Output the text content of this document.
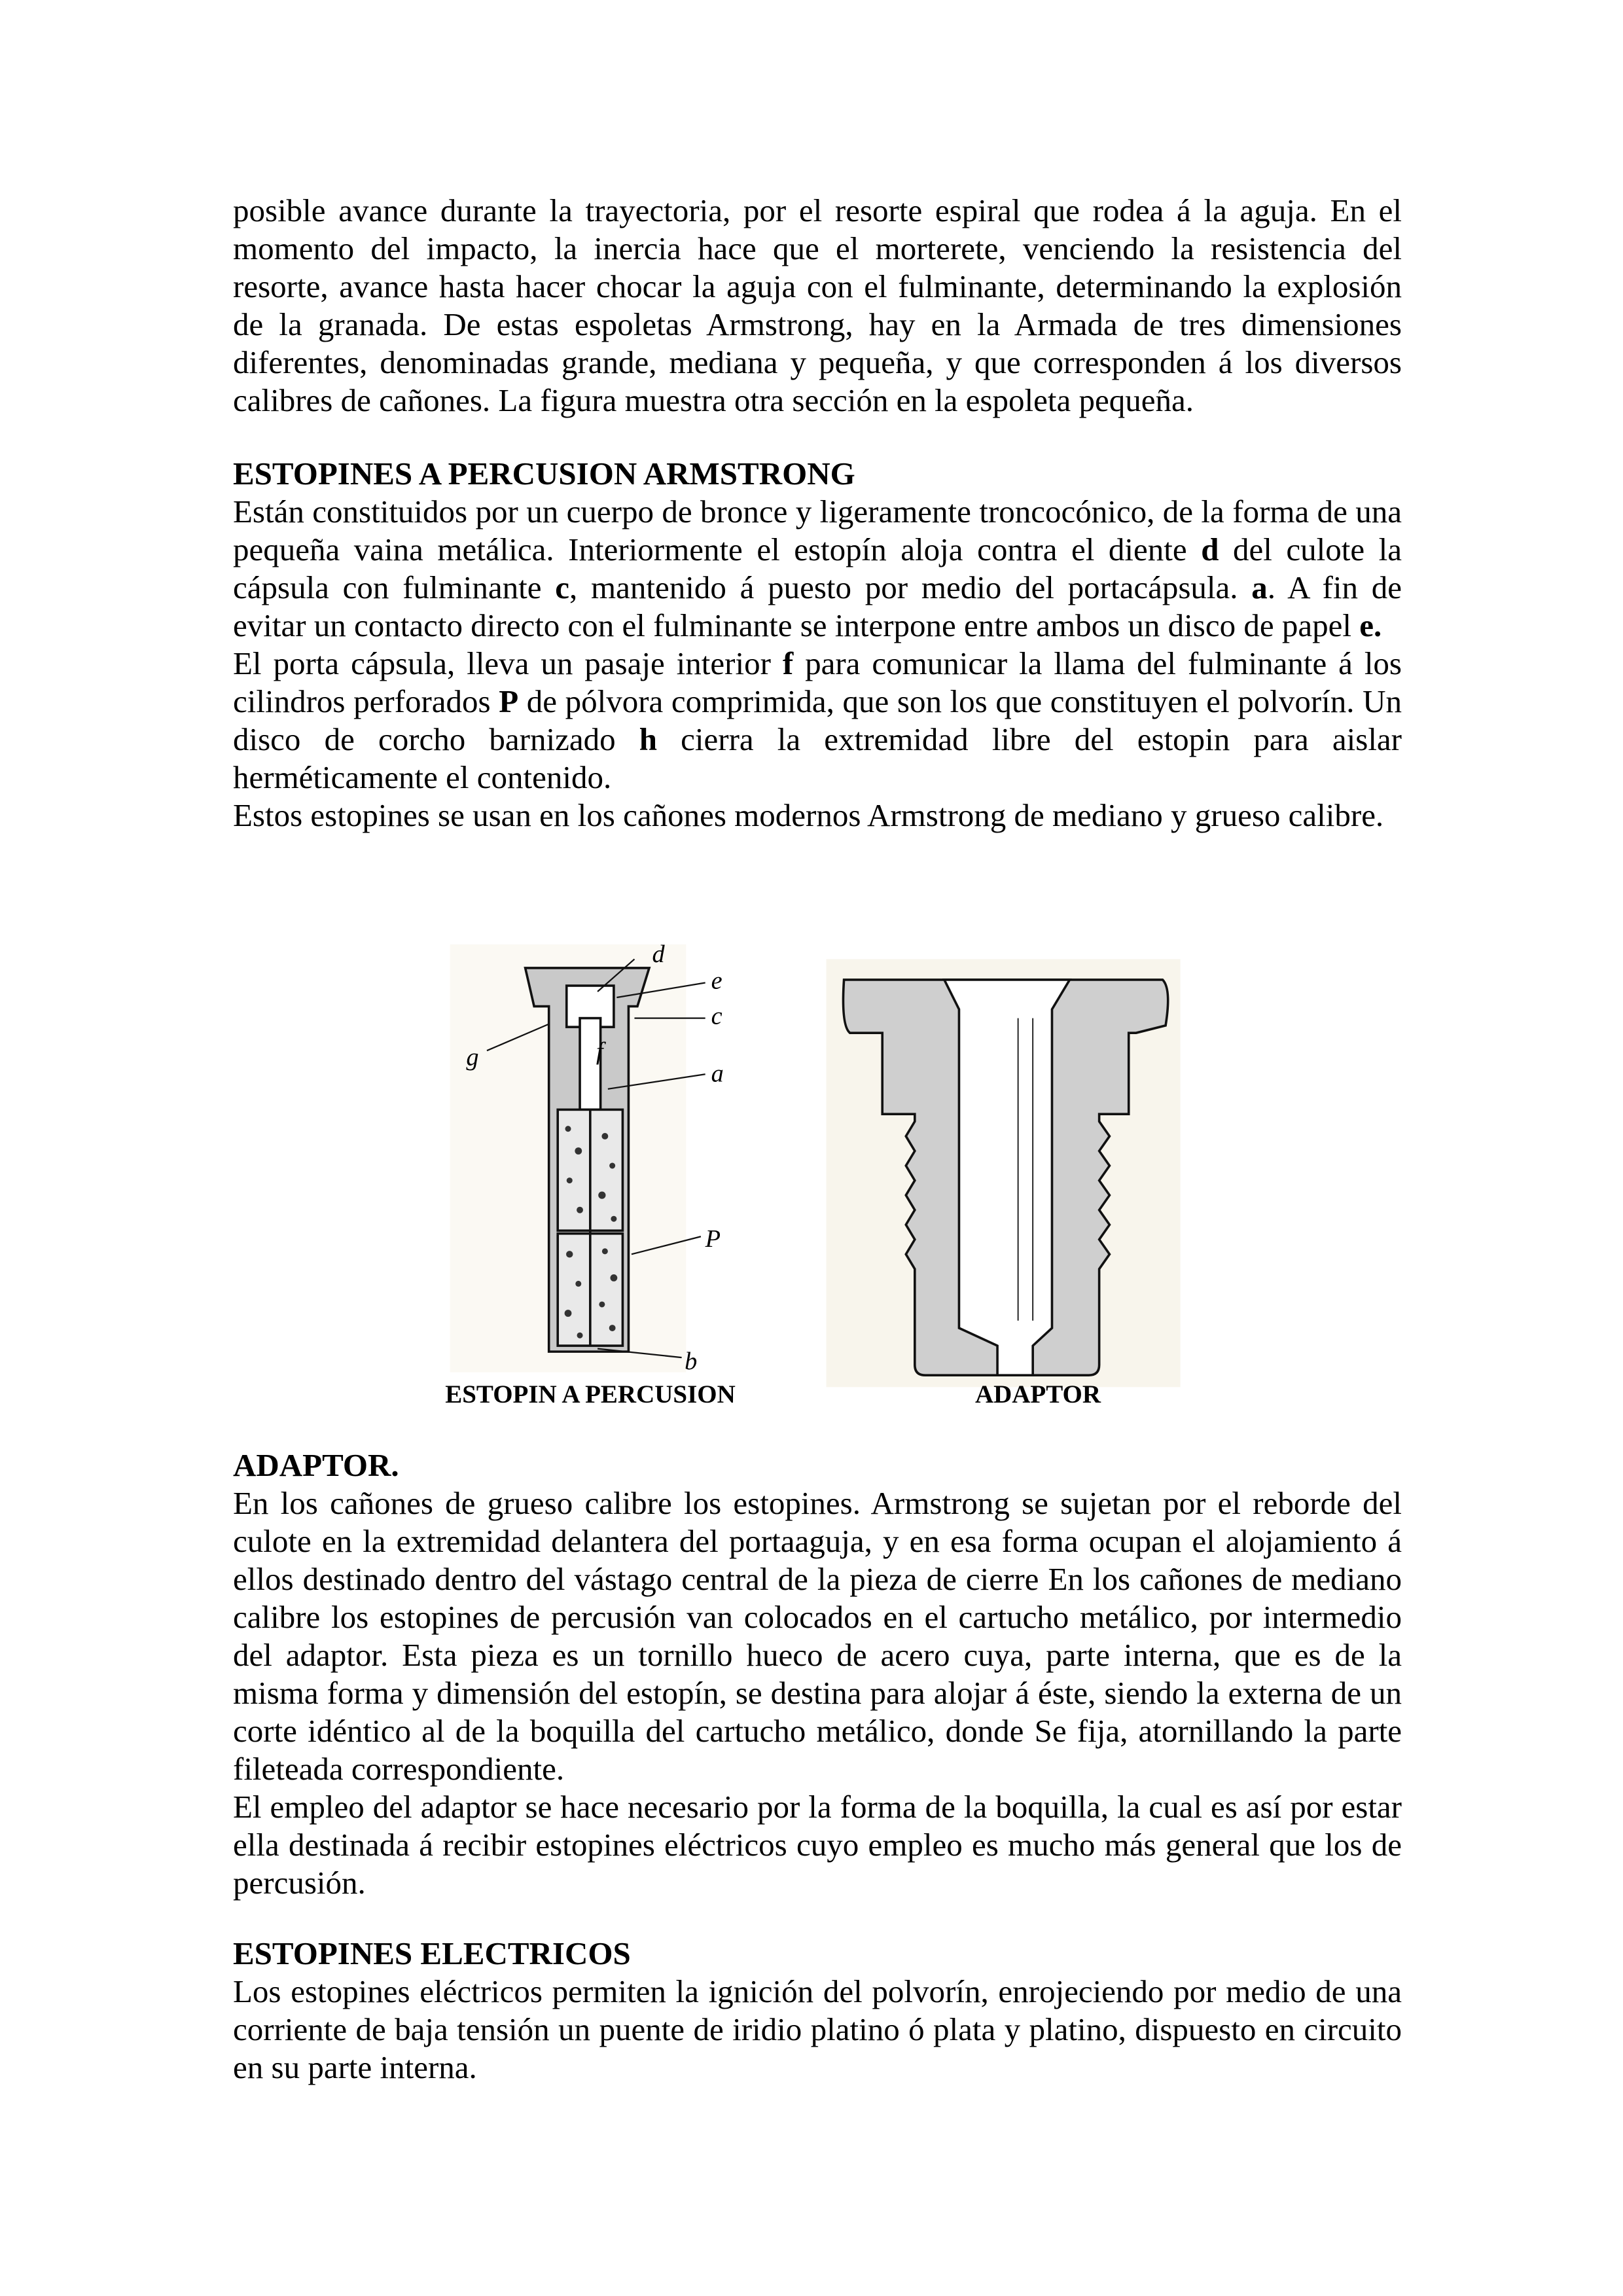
posible avance durante la trayectoria, por el resorte espiral que rodea á la aguja. En el momento del impacto, la inercia hace que el morterete, venciendo la resistencia del resorte, avance hasta hacer chocar la aguja con el fulminante, determinando la explosión de la granada. De estas espoletas Armstrong, hay en la Armada de tres dimensiones diferentes, denominadas grande, mediana y pequeña, y que corresponden á los diversos calibres de cañones. La figura muestra otra sección en la espoleta pequeña.

ESTOPINES A PERCUSION ARMSTRONG

Están constituidos por un cuerpo de bronce y ligeramente troncocónico, de la forma de una pequeña vaina metálica. Interiormente el estopín aloja contra el diente d del culote la cápsula con fulminante c, mantenido á puesto por medio del portacápsula. a. A fin de evitar un contacto directo con el fulminante se interpone entre ambos un disco de papel e.

El porta cápsula, lleva un pasaje interior f para comunicar la llama del fulminante á los cilindros perforados P de pólvora comprimida, que son los que constituyen el polvorín. Un disco de corcho barnizado h cierra la extremidad libre del estopin para aislar herméticamente el contenido.

Estos estopines se usan en los cañones modernos Armstrong de mediano y grueso calibre.

d
e
c
g	f
a
P
b
ESTOPIN A PERCUSION	ADAPTOR

ADAPTOR.

En los cañones de grueso calibre los estopines. Armstrong se sujetan por el reborde del culote en la extremidad delantera del portaaguja, y en esa forma ocupan el alojamiento á ellos destinado dentro del vástago central de la pieza de cierre En los cañones de mediano calibre los estopines de percusión van colocados en el cartucho metálico, por intermedio del adaptor. Esta pieza es un tornillo hueco de acero cuya, parte interna, que es de la misma forma y dimensión del estopín, se destina para alojar á éste, siendo la externa de un corte idéntico al de la boquilla del cartucho metálico, donde Se fija, atornillando la parte fileteada correspondiente.

El empleo del adaptor se hace necesario por la forma de la boquilla, la cual es así por estar ella destinada á recibir estopines eléctricos cuyo empleo es mucho más general que los de percusión.

ESTOPINES ELECTRICOS

Los estopines eléctricos permiten la ignición del polvorín, enrojeciendo por medio de una corriente de baja tensión un puente de iridio platino ó plata y platino, dispuesto en circuito en su parte interna.
